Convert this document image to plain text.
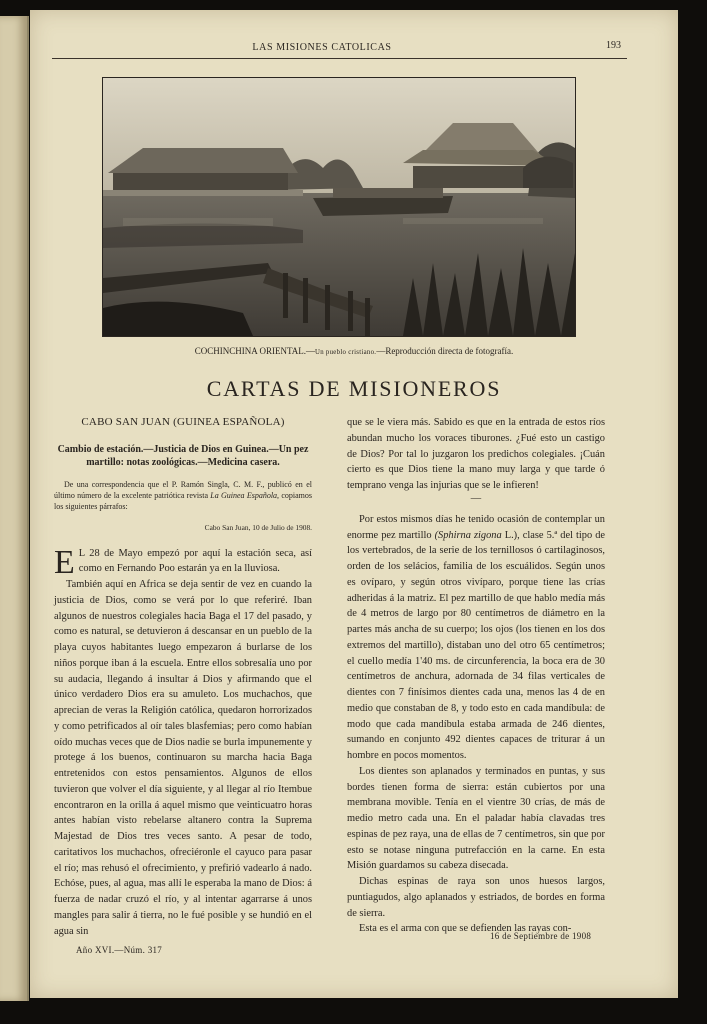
LAS MISIONES CATOLICAS	193
COCHINCHINA ORIENTAL.—Un pueblo cristiano.—Reproducción directa de fotografía.
CARTAS DE MISIONEROS
CABO SAN JUAN (GUINEA ESPAÑOLA)
Cambio de estación.—Justicia de Dios en Guinea.—Un pez martillo: notas zoológicas.—Medicina casera.
De una correspondencia que el P. Ramón Singla, C. M. F., publicó en el último número de la excelente patriótica revista La Guinea Española, copiamos los siguientes párrafos:
Cabo San Juan, 10 de Julio de 1908.

E L 28 de Mayo empezó por aquí la estación seca, así como en Fernando Poo estarán ya en la lluviosa.

También aquí en Africa se deja sentir de vez en cuando la justicia de Dios, como se verá por lo que referiré. Iban algunos de nuestros colegiales hacia Baga el 17 del pasado, y como es natural, se detuvieron á descansar en un pueblo de la playa cuyos habitantes luego empezaron á burlarse de los niños porque iban á la escuela. Entre ellos sobresalía uno por su audacia, llegando á insultar á Dios y afirmando que el único verdadero Dios era su amuleto. Los muchachos, que aprecian de veras la Religión católica, quedaron horrorizados y como petrificados al oír tales blasfemias; pero como habían oído muchas veces que de Dios nadie se burla impunemente y protege á los buenos, continuaron su marcha hacia Baga entretenidos con estos pensamientos. Algunos de ellos tuvieron que volver el día siguiente, y al llegar al río Itembue encontraron en la orilla á aquel mismo que veinticuatro horas antes habían visto rebelarse altanero contra la Suprema Majestad de Dios tres veces santo. A pesar de todo, caritativos los muchachos, ofreciéronle el cayuco para pasar el río; mas rehusó el ofrecimiento, y prefirió vadearlo á nado. Echóse, pues, al agua, mas allí le esperaba la mano de Dios: á fuerza de nadar cruzó el río, y al intentar agarrarse á unos mangles para salir á tierra, no le fué posible y se hundió en el agua sin

que se le viera más. Sabido es que en la entrada de estos ríos abundan mucho los voraces tiburones. ¿Fué esto un castigo de Dios? Por tal lo juzgaron los predichos colegiales. ¡Cuán cierto es que Dios tiene la mano muy larga y que tarde ó temprano venga las injurias que se le infieren!

—

Por estos mismos días he tenido ocasión de contemplar un enorme pez martillo (Sphirna zigona L.), clase 5.ª del tipo de los vertebrados, de la serie de los ternillosos ó cartilaginosos, orden de los selácios, familia de los escuálidos. Según unos es ovíparo, y según otros vivíparo, porque tiene las crías adheridas á la matriz. El pez martillo de que hablo medía más de 4 metros de largo por 80 centímetros de diámetro en la partes más ancha de su cuerpo; los ojos (los tienen en los dos extremos del martillo), distaban uno del otro 65 centímetros; el cuello medía 1'40 ms. de circunferencia, la boca era de 30 centímetros de anchura, adornada de 34 filas verticales de dientes con 7 finísimos dientes cada una, menos las 4 de en medio que constaban de 8, y todo esto en cada mandíbula: de modo que cada mandíbula estaba armada de 246 dientes, sumando en conjunto 492 dientes capaces de triturar á un hombre en pocos momentos.

Los dientes son aplanados y terminados en puntas, y sus bordes tienen forma de sierra: están cubiertos por una membrana movible. Tenía en el vientre 30 crías, de más de medio metro cada una. En el paladar había clavadas tres espinas de pez raya, una de ellas de 7 centímetros, sin que por esto se notase ninguna putrefacción en la carne. En esta Misión guardamos su cabeza disecada.

Dichas espinas de raya son unos huesos largos, puntiagudos, algo aplanados y estriados, de bordes en forma de sierra.

Esta es el arma con que se defienden las rayas con-

Año XVI.—Núm. 317
16 de Septiembre de 1908
